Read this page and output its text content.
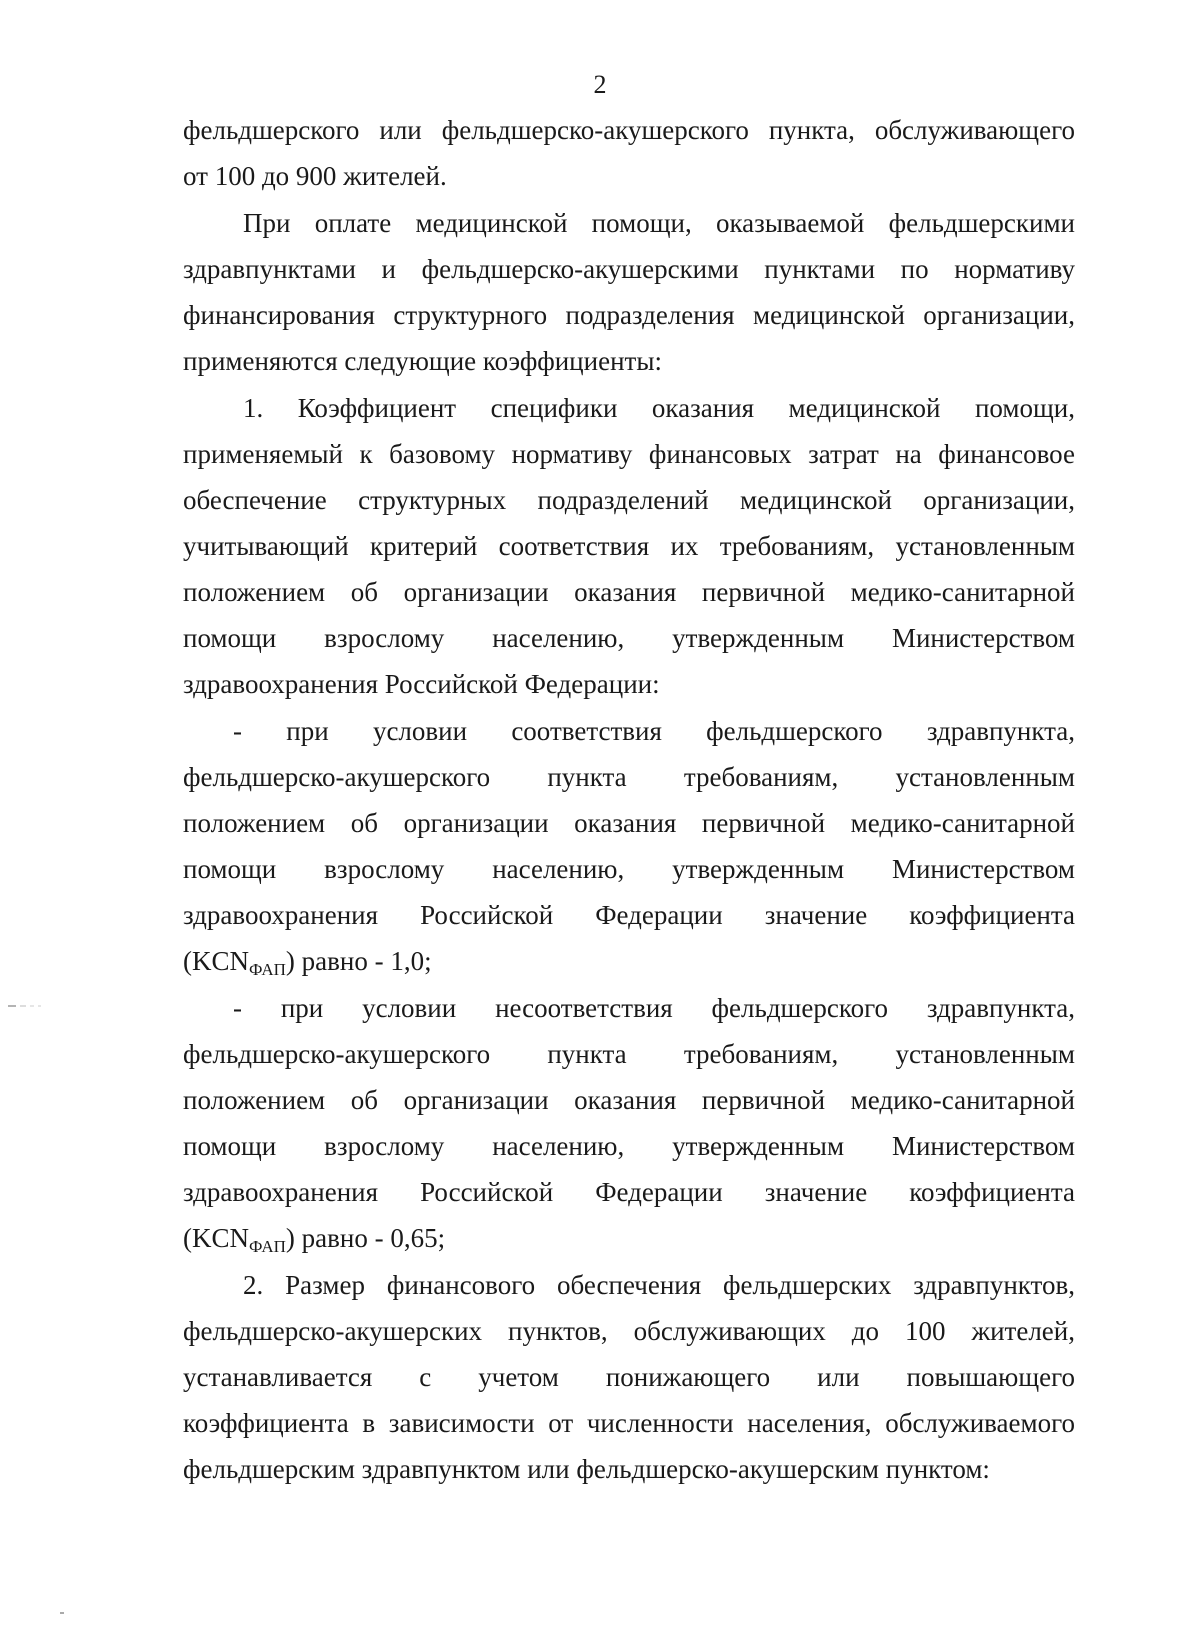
2

фельдшерского или фельдшерско-акушерского пункта, обслуживающего

от 100 до 900 жителей.

При оплате медицинской помощи, оказываемой фельдшерскими

здравпунктами и фельдшерско-акушерскими пунктами по нормативу

финансирования структурного подразделения медицинской организации,

применяются следующие коэффициенты:

1. Коэффициент специфики оказания медицинской помощи,

применяемый к базовому нормативу финансовых затрат на финансовое

обеспечение структурных подразделений медицинской организации,

учитывающий критерий соответствия их требованиям, установленным

положением об организации оказания первичной медико-санитарной

помощи взрослому населению, утвержденным Министерством

здравоохранения Российской Федерации:

- при условии соответствия фельдшерского здравпункта,

фельдшерско-акушерского пункта требованиям, установленным

положением об организации оказания первичной медико-санитарной

помощи взрослому населению, утвержденным Министерством

здравоохранения Российской Федерации значение коэффициента

(KCNФАП) равно - 1,0;

- при условии несоответствия фельдшерского здравпункта,

фельдшерско-акушерского пункта требованиям, установленным

положением об организации оказания первичной медико-санитарной

помощи взрослому населению, утвержденным Министерством

здравоохранения Российской Федерации значение коэффициента

(KCNФАП) равно - 0,65;

2. Размер финансового обеспечения фельдшерских здравпунктов,

фельдшерско-акушерских пунктов, обслуживающих до 100 жителей,

устанавливается с учетом понижающего или повышающего

коэффициента в зависимости от численности населения, обслуживаемого

фельдшерским здравпунктом или фельдшерско-акушерским пунктом:
